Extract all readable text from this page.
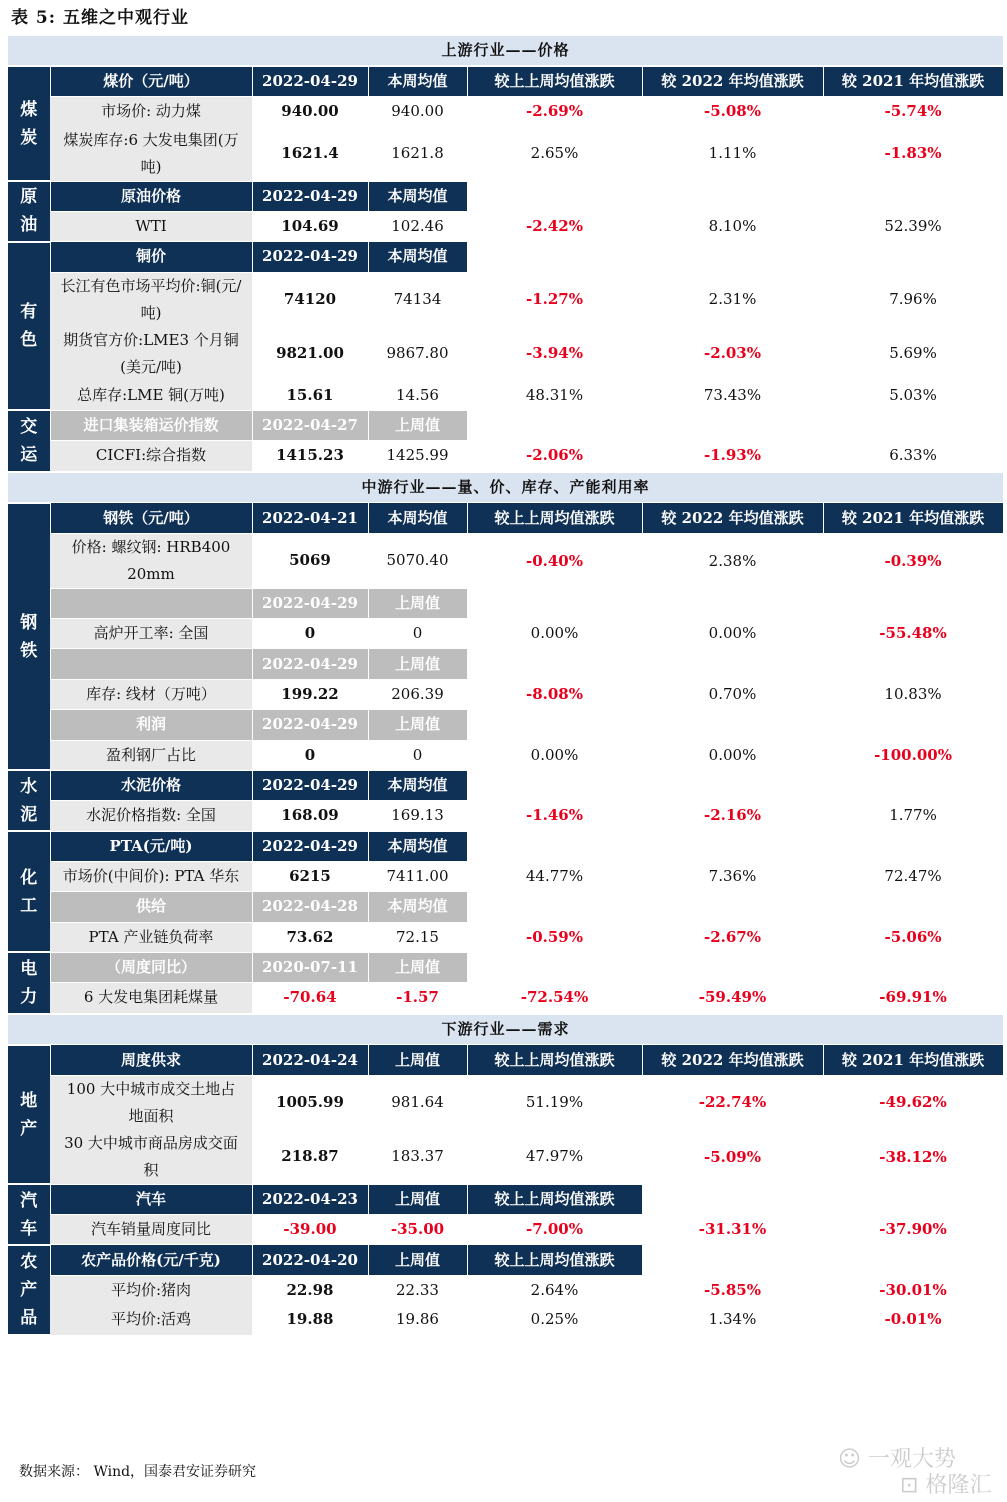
表 5: 五维之中观行业
上游行业——价格						
煤
炭	煤价（元/吨）	2022-04-29	本周均值	较上上周均值涨跌	较 2022 年均值涨跌	较 2021 年均值涨跌
	市场价: 动力煤	940.00	940.00	-2.69%	-5.08%	-5.74%
	煤炭库存:6 大发电集团(万吨)	1621.4	1621.8	2.65%	1.11%	-1.83%

原
油	原油价格	2022-04-29	本周均值			
	WTI	104.69	102.46	-2.42%	8.10%	52.39%
有
色	铜价	2022-04-29	本周均值			
	长江有色市场平均价:铜(元/吨)	74120	74134	-1.27%	2.31%	7.96%

	期货官方价:LME3 个月铜(美元/吨)	9821.00	9867.80	-3.94%	-2.03%	5.69%

	总库存:LME 铜(万吨)	15.61	14.56	48.31%	73.43%	5.03%
交
运	进口集装箱运价指数	2022-04-27	上周值			
	CICFI:综合指数	1415.23	1425.99	-2.06%	-1.93%	6.33%
中游行业——量、价、库存、产能利用率						
钢
铁	钢铁（元/吨）	2022-04-21	本周均值	较上上周均值涨跌	较 2022 年均值涨跌	较 2021 年均值涨跌
	价格: 螺纹钢: HRB400 20mm	5069	5070.40	-0.40%	2.38%	-0.39%

		2022-04-29	上周值			
	高炉开工率: 全国	0	0	0.00%	0.00%	-55.48%
		2022-04-29	上周值			
	库存: 线材（万吨）	199.22	206.39	-8.08%	0.70%	10.83%
	利润	2022-04-29	上周值			
	盈利钢厂占比	0	0	0.00%	0.00%	-100.00%
水
泥	水泥价格	2022-04-29	本周均值			
	水泥价格指数: 全国	168.09	169.13	-1.46%	-2.16%	1.77%
化
工	PTA(元/吨)	2022-04-29	本周均值			
	市场价(中间价): PTA 华东	6215	7411.00	44.77%	7.36%	72.47%

	供给	2022-04-28	本周均值			
	PTA 产业链负荷率	73.62	72.15	-0.59%	-2.67%	-5.06%
电
力	（周度同比）	2020-07-11	上周值			
	6 大发电集团耗煤量	-70.64	-1.57	-72.54%	-59.49%	-69.91%
下游行业——需求						
地
产	周度供求	2022-04-24	上周值	较上上周均值涨跌	较 2022 年均值涨跌	较 2021 年均值涨跌
	100 大中城市成交土地占地面积	1005.99	981.64	51.19%	-22.74%	-49.62%

	30 大中城市商品房成交面积	218.87	183.37	47.97%	-5.09%	-38.12%

汽
车	汽车	2022-04-23	上周值	较上上周均值涨跌		
	汽车销量周度同比	-39.00	-35.00	-7.00%	-31.31%	-37.90%
农
产
品	农产品价格(元/千克)	2022-04-20	上周值	较上上周均值涨跌		
	平均价:猪肉	22.98	22.33	2.64%	-5.85%	-30.01%
	平均价:活鸡	19.88	19.86	0.25%	1.34%	-0.01%
数据来源： Wind，国泰君安证券研究	☺ 一观大势
⊡ 格隆汇
